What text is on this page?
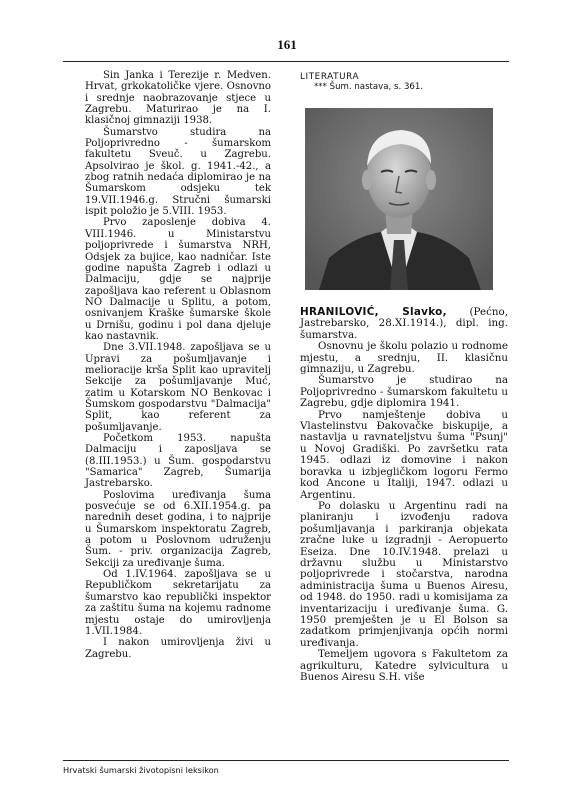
161

Sin Janka i Terezije r. Medven. Hrvat, grkokatoličke vjere. Osnovno i srednje naobrazovanje stjece u Zagrebu. Maturirao je na I. klasičnoj gimnaziji 1938.

Šumarstvo studira na Poljoprivredno - šumarskom fakultetu Sveuč. u Zagrebu. Apsolvirao je škol. g. 1941.-42., a zbog ratnih nedaća diplomirao je na Šumarskom odsjeku tek 19.VII.1946.g. Stručni šumarski ispit položio je 5.VIII. 1953.

Prvo zaposlenje dobiva 4. VIII.1946. u Ministarstvu poljoprivrede i šumarstva NRH, Odsjek za bujice, kao nadničar. Iste godine napušta Zagreb i odlazi u Dalmaciju, gdje se najprije zapošljava kao referent u Oblasnom NO Dalmacije u Splitu, a potom, osnivanjem Kraške šumarske škole u Drnišu, godinu i pol dana djeluje kao nastavnik.

Dne 3.VII.1948. zapošljava se u Upravi za pošumljavanje i melioracije krša Split kao upravitelj Sekcije za pošumljavanje Muć, zatim u Kotarskom NO Benkovac i Šumskom gospodarstvu "Dalmacija" Split, kao referent za pošumljavanje.

Početkom 1953. napušta Dalmaciju i zaposljava se (8.III.1953.) u Šum. gospodarstvu "Samarica" Zagreb, Šumarija Jastrebarsko.

Poslovima uređivanja šuma posvećuje se od 6.XII.1954.g. pa narednih deset godina, i to najprije u Šumarskom inspektoratu Zagreb, a potom u Poslovnom udruženju Šum. - priv. organizacija Zagreb, Sekciji za uređivanje šuma.

Od 1.IV.1964. zapošljava se u Republičkom sekretarijatu za šumarstvo kao republički inspektor za zaštitu šuma na kojemu radnome mjestu ostaje do umirovljenja 1.VII.1984.

I nakon umirovljenja živi u Zagrebu.

LITERATURA
*** Šum. nastava, s. 361.

HRANILOVIĆ, Slavko, (Pećno, Jastrebarsko, 28.XI.1914.), dipl. ing. šumarstva.

Osnovnu je školu polazio u rodnome mjestu, a srednju, II. klasičnu gimnaziju, u Zagrebu.

Šumarstvo je studirao na Poljoprivredno - šumarskom fakultetu u Zagrebu, gdje diplomira 1941.

Prvo namještenje dobiva u Vlastelinstvu Đakovačke biskupije, a nastavlja u ravnateljstvu šuma "Psunj" u Novoj Gradiški. Po završetku rata 1945. odlazi iz domovine i nakon boravka u izbjegličkom logoru Fermo kod Ancone u Italiji, 1947. odlazi u Argentinu.

Po dolasku u Argentinu radi na planiranju i izvođenju radova pošumljavanja i parkiranja objekata zračne luke u izgradnji - Aeropuerto Eseiza. Dne 10.IV.1948. prelazi u državnu službu u Ministarstvo poljoprivrede i stočarstva, narodna administracija šuma u Buenos Airesu, od 1948. do 1950. radi u komisijama za inventarizaciju i uređivanje šuma. G. 1950 premješten je u El Bolson sa zadatkom primjenjivanja općih normi uređivanja.

Temeljem ugovora s Fakultetom za agrikulturu, Katedre sylvicultura u Buenos Airesu S.H. više

Hrvatski šumarski životopisni leksikon
